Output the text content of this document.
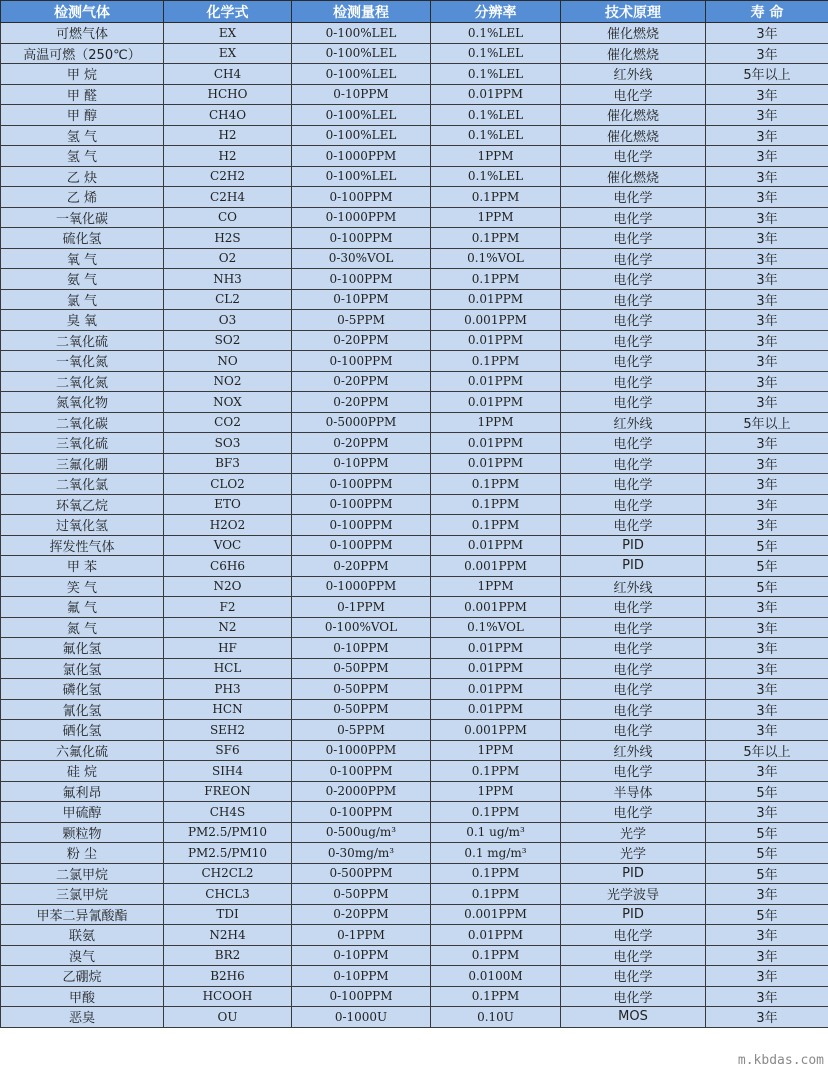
检测气体	化学式	检测量程	分辨率	技术原理	寿 命
可燃气体	EX	0-100%LEL	0.1%LEL	催化燃烧	3年
高温可燃（250℃）	EX	0-100%LEL	0.1%LEL	催化燃烧	3年
甲 烷	CH4	0-100%LEL	0.1%LEL	红外线	5年以上
甲 醛	HCHO	0-10PPM	0.01PPM	电化学	3年
甲 醇	CH4O	0-100%LEL	0.1%LEL	催化燃烧	3年
氢 气	H2	0-100%LEL	0.1%LEL	催化燃烧	3年
氢 气	H2	0-1000PPM	1PPM	电化学	3年
乙 炔	C2H2	0-100%LEL	0.1%LEL	催化燃烧	3年
乙 烯	C2H4	0-100PPM	0.1PPM	电化学	3年
一氧化碳	CO	0-1000PPM	1PPM	电化学	3年
硫化氢	H2S	0-100PPM	0.1PPM	电化学	3年
氧 气	O2	0-30%VOL	0.1%VOL	电化学	3年
氨 气	NH3	0-100PPM	0.1PPM	电化学	3年
氯 气	CL2	0-10PPM	0.01PPM	电化学	3年
臭 氧	O3	0-5PPM	0.001PPM	电化学	3年
二氧化硫	SO2	0-20PPM	0.01PPM	电化学	3年
一氧化氮	NO	0-100PPM	0.1PPM	电化学	3年
二氧化氮	NO2	0-20PPM	0.01PPM	电化学	3年
氮氧化物	NOX	0-20PPM	0.01PPM	电化学	3年
二氧化碳	CO2	0-5000PPM	1PPM	红外线	5年以上
三氧化硫	SO3	0-20PPM	0.01PPM	电化学	3年
三氟化硼	BF3	0-10PPM	0.01PPM	电化学	3年
二氧化氯	CLO2	0-100PPM	0.1PPM	电化学	3年
环氧乙烷	ETO	0-100PPM	0.1PPM	电化学	3年
过氧化氢	H2O2	0-100PPM	0.1PPM	电化学	3年
挥发性气体	VOC	0-100PPM	0.01PPM	PID	5年
甲 苯	C6H6	0-20PPM	0.001PPM	PID	5年
笑 气	N2O	0-1000PPM	1PPM	红外线	5年
氟 气	F2	0-1PPM	0.001PPM	电化学	3年
氮 气	N2	0-100%VOL	0.1%VOL	电化学	3年
氟化氢	HF	0-10PPM	0.01PPM	电化学	3年
氯化氢	HCL	0-50PPM	0.01PPM	电化学	3年
磷化氢	PH3	0-50PPM	0.01PPM	电化学	3年
氰化氢	HCN	0-50PPM	0.01PPM	电化学	3年
硒化氢	SEH2	0-5PPM	0.001PPM	电化学	3年
六氟化硫	SF6	0-1000PPM	1PPM	红外线	5年以上
硅 烷	SIH4	0-100PPM	0.1PPM	电化学	3年
氟利昂	FREON	0-2000PPM	1PPM	半导体	5年
甲硫醇	CH4S	0-100PPM	0.1PPM	电化学	3年
颗粒物	PM2.5/PM10	0-500ug/m³	0.1 ug/m³	光学	5年
粉 尘	PM2.5/PM10	0-30mg/m³	0.1 mg/m³	光学	5年
二氯甲烷	CH2CL2	0-500PPM	0.1PPM	PID	5年
三氯甲烷	CHCL3	0-50PPM	0.1PPM	光学波导	3年
甲苯二异氰酸酯	TDI	0-20PPM	0.001PPM	PID	5年
联氨	N2H4	0-1PPM	0.01PPM	电化学	3年
溴气	BR2	0-10PPM	0.1PPM	电化学	3年
乙硼烷	B2H6	0-10PPM	0.0100M	电化学	3年
甲酸	HCOOH	0-100PPM	0.1PPM	电化学	3年
恶臭	OU	0-1000U	0.10U	MOS	3年
m.kbdas.com
